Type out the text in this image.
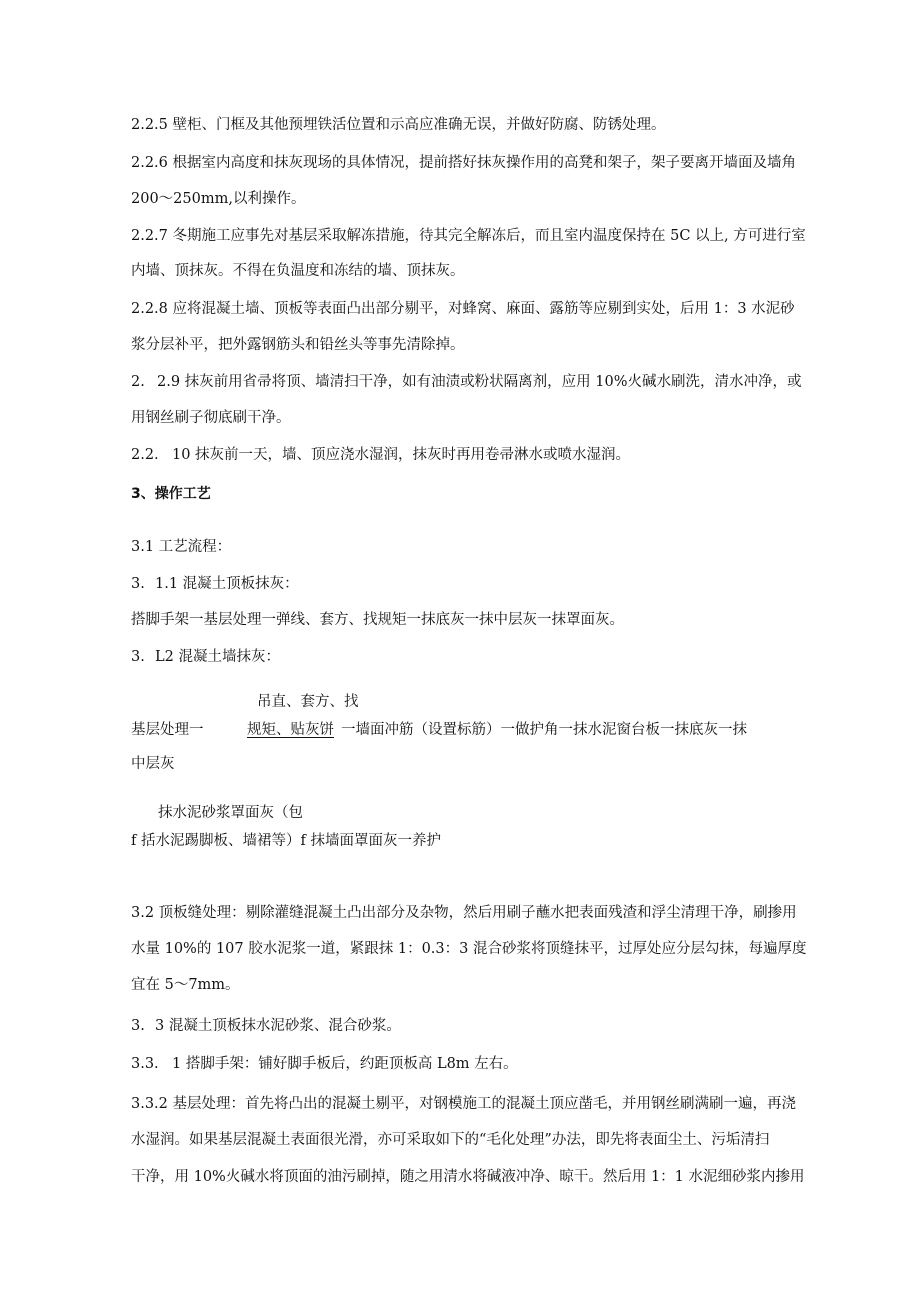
2.2.5 壁柜、门框及其他预埋铁活位置和示高应准确无误，并做好防腐、防锈处理。
2.2.6 根据室内高度和抹灰现场的具体情况，提前搭好抹灰操作用的高凳和架子，架子要离开墙面及墙角
200～250mm,以利操作。
2.2.7 冬期施工应事先对基层采取解冻措施，待其完全解冻后，而且室内温度保持在 5C 以上, 方可进行室
内墙、顶抹灰。不得在负温度和冻结的墙、顶抹灰。
2.2.8 应将混凝土墙、顶板等表面凸出部分剔平，对蜂窝、麻面、露筋等应剔到实处，后用 1：3 水泥砂
浆分层补平，把外露钢筋头和铅丝头等事先清除掉。
2. 2.9 抹灰前用省帚将顶、墙清扫干净，如有油渍或粉状隔离剂，应用 10%火碱水刷洗，清水冲净，或
用钢丝刷子彻底刷干净。
2.2. 10 抹灰前一天，墙、顶应浇水湿润，抹灰时再用卷帚淋水或喷水湿润。
3、操作工艺
3.1 工艺流程：
3. 1.1 混凝土顶板抹灰：
搭脚手架一基层处理一弹线、套方、找规矩一抹底灰一抹中层灰一抹罩面灰。
3. L2 混凝土墙抹灰：
吊直、套方、找
基层处理一	规矩、贴灰饼 一墙面冲筋（设置标筋）一做护角一抹水泥窗台板一抹底灰一抹
中层灰
抹水泥砂浆罩面灰（包
f 括水泥踢脚板、墙裙等）f 抹墙面罩面灰一养护
3.2 顶板缝处理：剔除灌缝混凝土凸出部分及杂物，然后用刷子蘸水把表面残渣和浮尘清理干净，刷掺用
水量 10%的 107 胶水泥浆一道，紧跟抹 1：0.3：3 混合砂浆将顶缝抹平，过厚处应分层勾抹，每遍厚度
宜在 5～7mm。
3. 3 混凝土顶板抹水泥砂浆、混合砂浆。
3.3. 1 搭脚手架：铺好脚手板后，约距顶板高 L8m 左右。
3.3.2 基层处理：首先将凸出的混凝土剔平，对钢模施工的混凝土顶应凿毛，并用钢丝刷满刷一遍，再浇
水湿润。如果基层混凝土表面很光滑，亦可采取如下的“毛化处理”办法，即先将表面尘土、污垢清扫
干净，用 10%火碱水将顶面的油污刷掉，随之用清水将碱液冲净、晾干。然后用 1：1 水泥细砂浆内掺用
